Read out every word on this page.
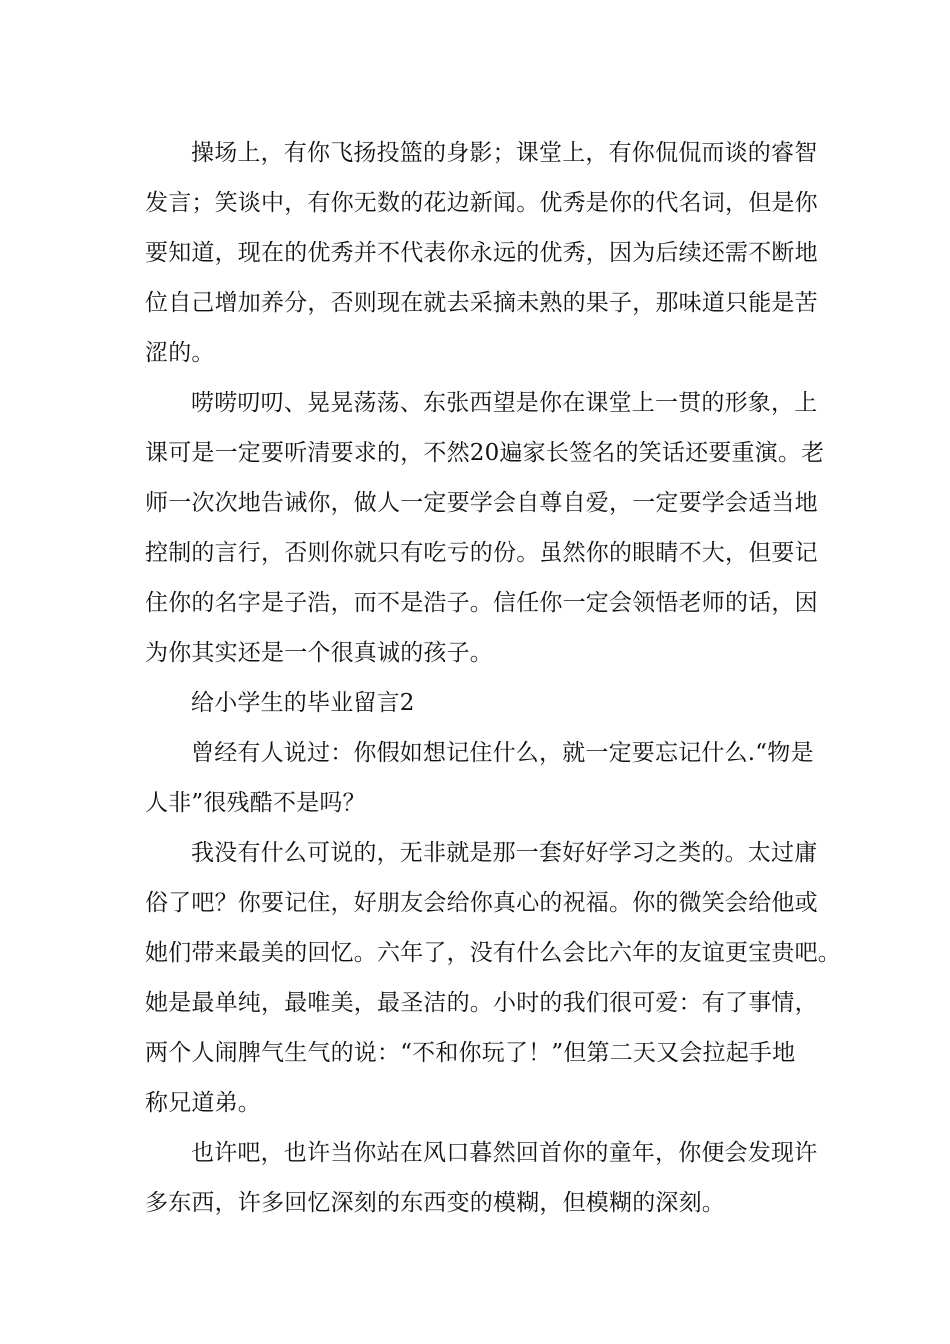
操场上，有你飞扬投篮的身影；课堂上，有你侃侃而谈的睿智
发言；笑谈中，有你无数的花边新闻。优秀是你的代名词，但是你
要知道，现在的优秀并不代表你永远的优秀，因为后续还需不断地
位自己增加养分，否则现在就去采摘未熟的果子，那味道只能是苦
涩的。
唠唠叨叨、晃晃荡荡、东张西望是你在课堂上一贯的形象，上
课可是一定要听清要求的，不然20遍家长签名的笑话还要重演。老
师一次次地告诫你，做人一定要学会自尊自爱，一定要学会适当地
控制的言行，否则你就只有吃亏的份。虽然你的眼睛不大，但要记
住你的名字是子浩，而不是浩子。信任你一定会领悟老师的话，因
为你其实还是一个很真诚的孩子。
给小学生的毕业留言2
曾经有人说过：你假如想记住什么，就一定要忘记什么.“物是
人非”很残酷不是吗？
我没有什么可说的，无非就是那一套好好学习之类的。太过庸
俗了吧？你要记住，好朋友会给你真心的祝福。你的微笑会给他或
她们带来最美的回忆。六年了，没有什么会比六年的友谊更宝贵吧。
她是最单纯，最唯美，最圣洁的。小时的我们很可爱：有了事情，
两个人闹脾气生气的说：“不和你玩了！”但第二天又会拉起手地
称兄道弟。
也许吧，也许当你站在风口暮然回首你的童年，你便会发现许
多东西，许多回忆深刻的东西变的模糊，但模糊的深刻。
